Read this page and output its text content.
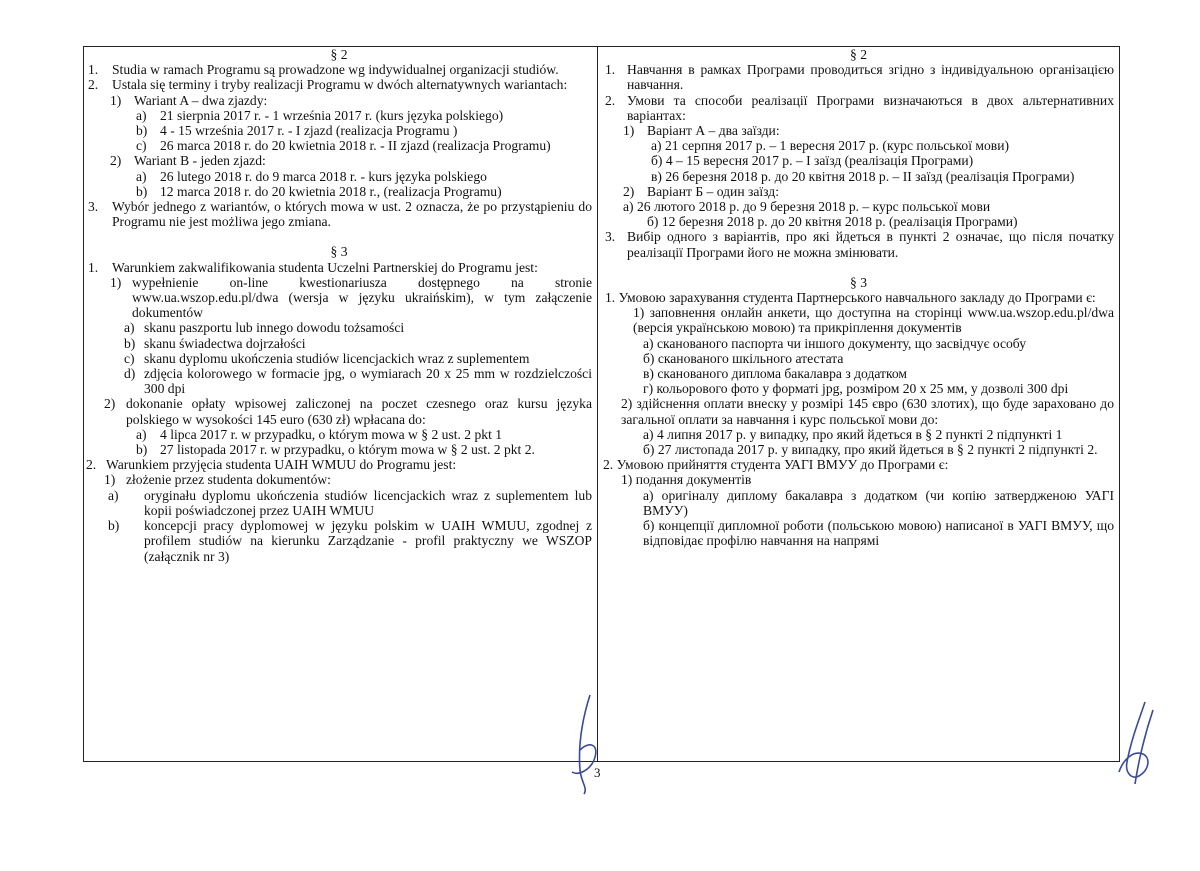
§ 2

1.	Studia w ramach Programu są prowadzone wg indywidualnej organizacji studiów.
2.	Ustala się terminy i tryby realizacji Programu w dwóch alternatywnych wariantach:
1) Wariant A – dwa zjazdy:
a) 21 sierpnia 2017 r. - 1 września 2017 r. (kurs języka polskiego)
b) 4 - 15 września 2017 r. - I zjazd (realizacja Programu )
c) 26 marca 2018 r. do 20 kwietnia 2018 r. - II zjazd (realizacja Programu)
2) Wariant B - jeden zjazd:
a) 26 lutego 2018 r. do 9 marca 2018 r. - kurs języka polskiego
b) 12 marca 2018 r. do 20 kwietnia 2018 r., (realizacja Programu)
3.	Wybór jednego z wariantów, o których mowa w ust. 2 oznacza, że po przystąpieniu do Programu nie jest możliwa jego zmiana.

§ 3

1.	Warunkiem zakwalifikowania studenta Uczelni Partnerskiej do Programu jest:
1) wypełnienie on-line kwestionariusza dostępnego na stronie www.ua.wszop.edu.pl/dwa (wersja w języku ukraińskim), w tym załączenie dokumentów
a) skanu paszportu lub innego dowodu tożsamości
b) skanu świadectwa dojrzałości
c) skanu dyplomu ukończenia studiów licencjackich wraz z suplementem
d) zdjęcia kolorowego w formacie jpg, o wymiarach 20 x 25 mm w rozdzielczości 300 dpi
2) dokonanie opłaty wpisowej zaliczonej na poczet czesnego oraz kursu języka polskiego w wysokości 145 euro (630 zł) wpłacana do:
a) 4 lipca 2017 r. w przypadku, o którym mowa w § 2 ust. 2 pkt 1
b) 27 listopada 2017 r. w przypadku, o którym mowa w § 2 ust. 2 pkt 2.
2. Warunkiem przyjęcia studenta UAIH WMUU do Programu jest:
1) złożenie przez studenta dokumentów:
a)	oryginału dyplomu ukończenia studiów licencjackich wraz z suplementem lub kopii poświadczonej przez UAIH WMUU
b)	koncepcji pracy dyplomowej w języku polskim w UAIH WMUU, zgodnej z profilem studiów na kierunku Zarządzanie - profil praktyczny we WSZOP (załącznik nr 3)

§ 2

1. Навчання в рамках Програми проводиться згідно з індивідуальною організацією навчання.
2. Умови та способи реалізації Програми визначаються в двох альтернативних варіантах:
1) Варіант А – два заїзди:

а) 21 серпня 2017 р. – 1 вересня 2017 р. (курс польської мови)

б) 4 – 15 вересня 2017 р. – І заїзд (реалізація Програми)

в) 26 березня 2018 р. до 20 квітня 2018 р. – ІІ заїзд (реалізація Програми)

2) Варіант Б – один заїзд:

а) 26 лютого 2018 р. до 9 березня 2018 р. – курс польської мови

б) 12 березня 2018 р. до 20 квітня 2018 р. (реалізація Програми)

3. Вибір одного з варіантів, про які йдеться в пункті 2 означає, що після початку реалізації Програми його не можна змінювати.

§ 3

1. Умовою зарахування студента Партнерського навчального закладу до Програми є:

1) заповнення онлайн анкети, що доступна на сторінці www.ua.wszop.edu.pl/dwa (версія українською мовою) та прикріплення документів

а) сканованого паспорта чи іншого документу, що засвідчує особу

б) сканованого шкільного атестата

в) сканованого диплома бакалавра з додатком

г) кольорового фото у форматі jpg, розміром 20 х 25 мм, у дозволі 300 dpi

2) здійснення оплати внеску у розмірі 145 євро (630 злотих), що буде зараховано до загальної оплати за навчання і курс польської мови до:

а) 4 липня 2017 р. у випадку, про який йдеться в § 2 пункті 2 підпункті 1

б) 27 листопада 2017 р. у випадку, про який йдеться в § 2 пункті 2 підпункті 2.

2. Умовою прийняття студента УАГІ ВМУУ до Програми є:

1) подання документів

а) оригіналу диплому бакалавра з додатком (чи копію затвердженою УАГІ ВМУУ)

б) концепції дипломної роботи (польською мовою) написаної в УАГІ ВМУУ, що відповідає профілю навчання на напрямі

3
